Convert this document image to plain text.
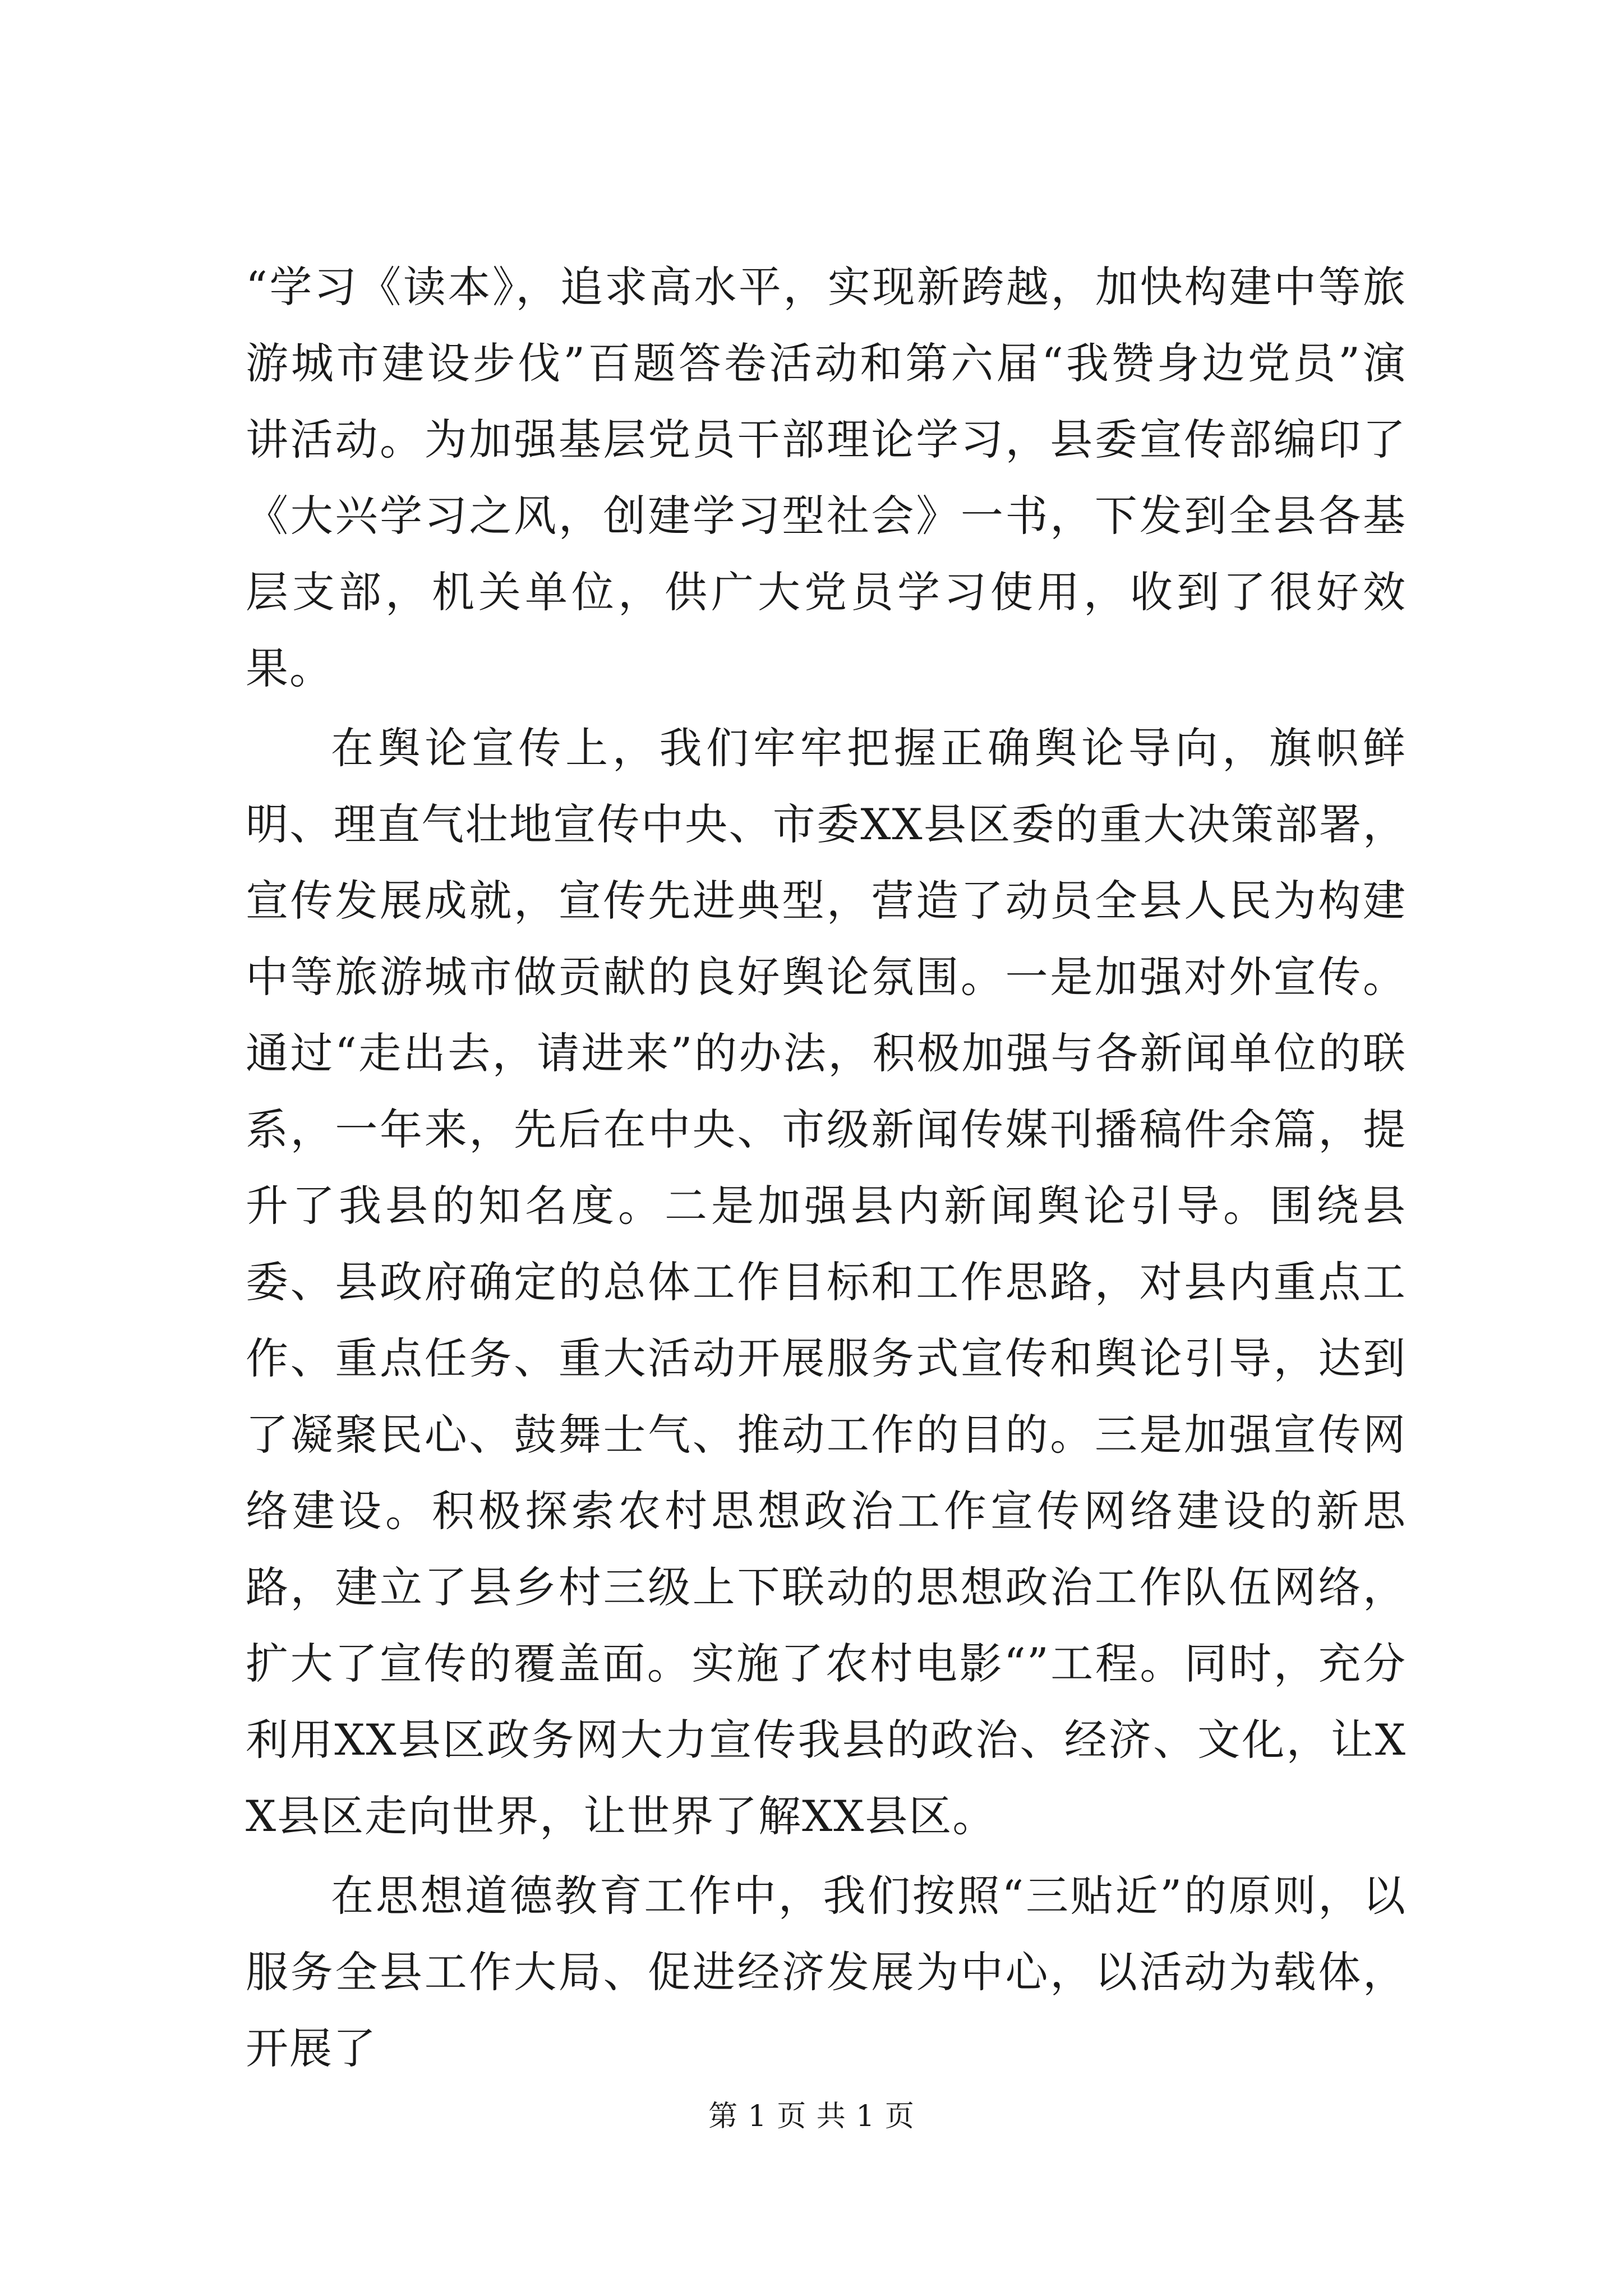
“学习《读本》，追求高水平，实现新跨越，加快构建中等旅游城市建设步伐”百题答卷活动和第六届“我赞身边党员”演讲活动。为加强基层党员干部理论学习，县委宣传部编印了《大兴学习之风，创建学习型社会》一书，下发到全县各基层支部，机关单位，供广大党员学习使用，收到了很好效果。

在舆论宣传上，我们牢牢把握正确舆论导向，旗帜鲜明、理直气壮地宣传中央、市委XX县区委的重大决策部署，宣传发展成就，宣传先进典型，营造了动员全县人民为构建中等旅游城市做贡献的良好舆论氛围。一是加强对外宣传。通过“走出去，请进来”的办法，积极加强与各新闻单位的联系，一年来，先后在中央、市级新闻传媒刊播稿件余篇，提升了我县的知名度。二是加强县内新闻舆论引导。围绕县委、县政府确定的总体工作目标和工作思路，对县内重点工作、重点任务、重大活动开展服务式宣传和舆论引导，达到了凝聚民心、鼓舞士气、推动工作的目的。三是加强宣传网络建设。积极探索农村思想政治工作宣传网络建设的新思路，建立了县乡村三级上下联动的思想政治工作队伍网络，扩大了宣传的覆盖面。实施了农村电影“”工程。同时，充分利用XX县区政务网大力宣传我县的政治、经济、文化，让XX县区走向世界，让世界了解XX县区。

在思想道德教育工作中，我们按照“三贴近”的原则，以服务全县工作大局、促进经济发展为中心，以活动为载体，开展了

第 1 页 共 1 页
